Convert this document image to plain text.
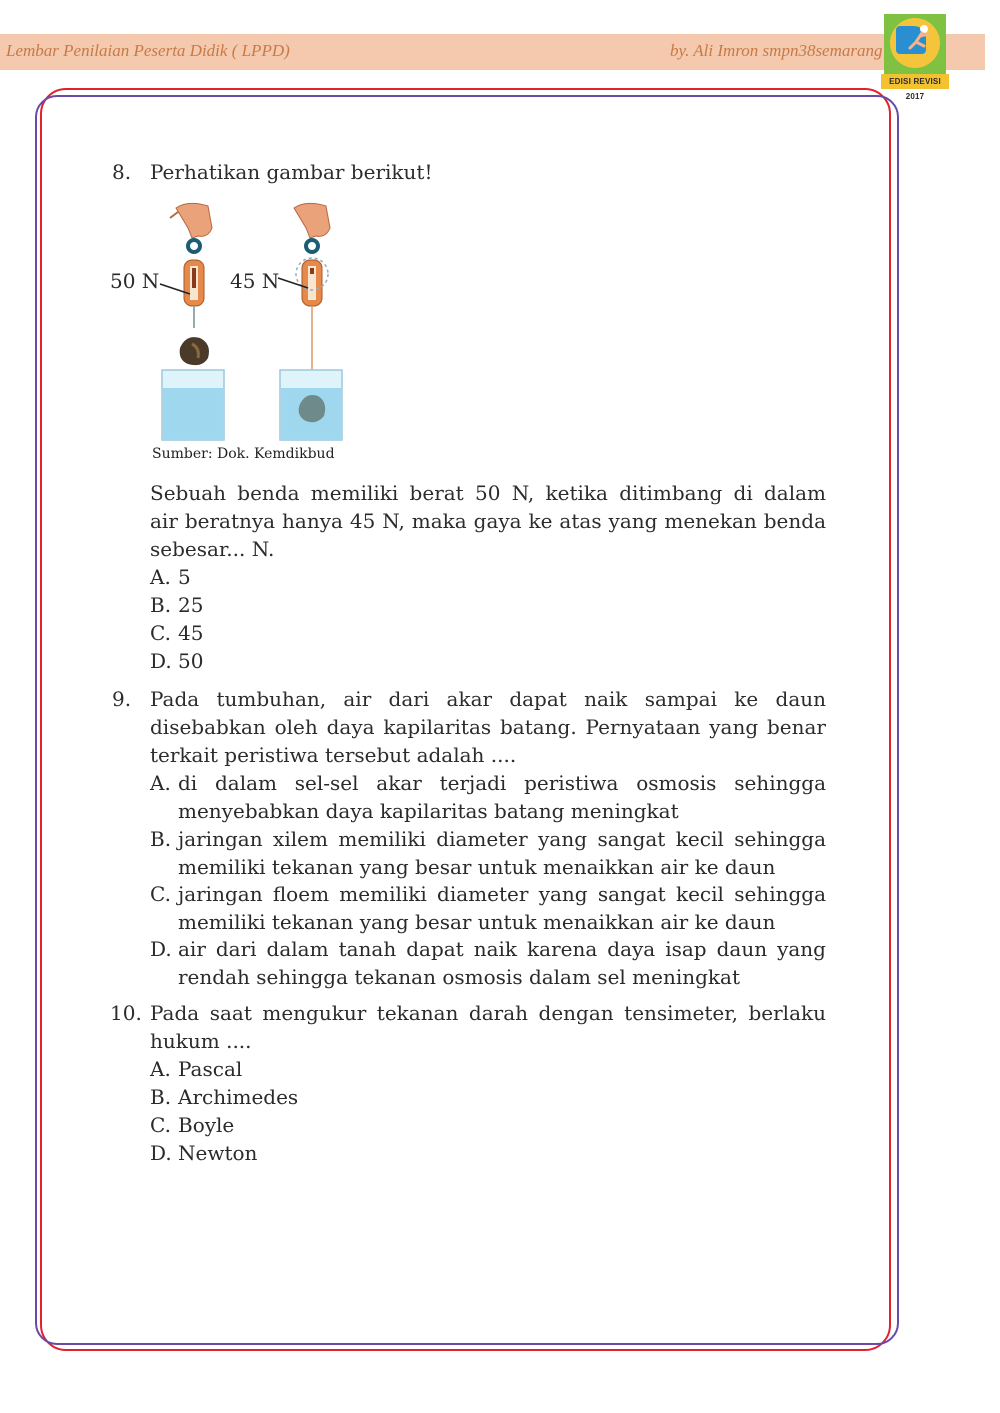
Lembar Penilaian Peserta Didik ( LPPD)	by. Ali Imron smpn38semarang
EDISI REVISI 2017
8. Perhatikan gambar berikut!
50 N	45 N
Sumber: Dok. Kemdikbud
Sebuah benda memiliki berat 50 N, ketika ditimbang di dalam
air beratnya hanya 45 N, maka gaya ke atas yang menekan benda
sebesar... N.
A. 5
B. 25
C. 45
D. 50
9. Pada tumbuhan, air dari akar dapat naik sampai ke daun
disebabkan oleh daya kapilaritas batang. Pernyataan yang benar
terkait peristiwa tersebut adalah ....
A. di dalam sel-sel akar terjadi peristiwa osmosis sehingga
menyebabkan daya kapilaritas batang meningkat
B. jaringan xilem memiliki diameter yang sangat kecil sehingga
memiliki tekanan yang besar untuk menaikkan air ke daun
C. jaringan floem memiliki diameter yang sangat kecil sehingga
memiliki tekanan yang besar untuk menaikkan air ke daun
D. air dari dalam tanah dapat naik karena daya isap daun yang
rendah sehingga tekanan osmosis dalam sel meningkat
10. Pada saat mengukur tekanan darah dengan tensimeter, berlaku
hukum ....
A. Pascal
B. Archimedes
C. Boyle
D. Newton
